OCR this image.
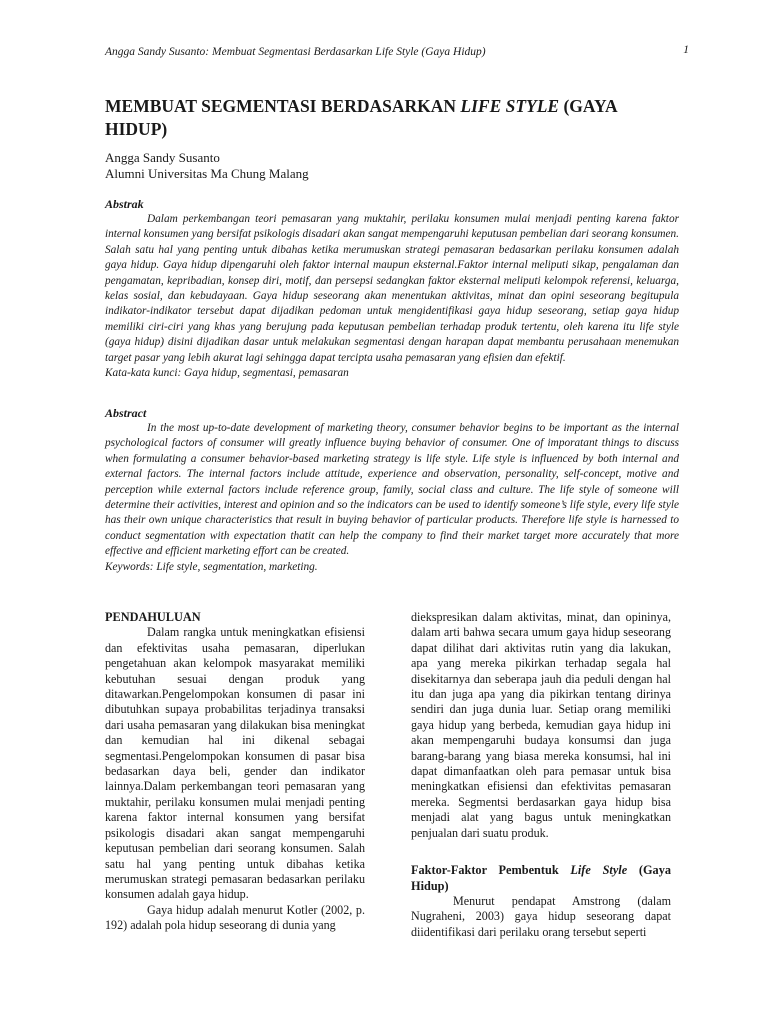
Angga Sandy Susanto: Membuat Segmentasi Berdasarkan Life Style (Gaya Hidup)	1
MEMBUAT SEGMENTASI BERDASARKAN LIFE STYLE (GAYA HIDUP)
Angga Sandy Susanto
Alumni Universitas Ma Chung Malang
Abstrak

Dalam perkembangan teori pemasaran yang muktahir, perilaku konsumen mulai menjadi penting karena faktor internal konsumen yang bersifat psikologis disadari akan sangat mempengaruhi keputusan pembelian dari seorang konsumen. Salah satu hal yang penting untuk dibahas ketika merumuskan strategi pemasaran bedasarkan perilaku konsumen adalah gaya hidup. Gaya hidup dipengaruhi oleh faktor internal maupun eksternal.Faktor internal meliputi sikap, pengalaman dan pengamatan, kepribadian, konsep diri, motif, dan persepsi sedangkan faktor eksternal meliputi kelompok referensi, keluarga, kelas sosial, dan kebudayaan. Gaya hidup seseorang akan menentukan aktivitas, minat dan opini seseorang begitupula indikator-indikator tersebut dapat dijadikan pedoman untuk mengidentifikasi gaya hidup seseorang, setiap gaya hidup memiliki ciri-ciri yang khas yang berujung pada keputusan pembelian terhadap produk tertentu, oleh karena itu life style (gaya hidup) disini dijadikan dasar untuk melakukan segmentasi dengan harapan dapat membantu perusahaan menemukan target pasar yang lebih akurat lagi sehingga dapat tercipta usaha pemasaran yang efisien dan efektif.

Kata-kata kunci: Gaya hidup, segmentasi, pemasaran
Abstract

In the most up-to-date development of marketing theory, consumer behavior begins to be important as the internal psychological factors of consumer will greatly influence buying behavior of consumer. One of imporatant things to discuss when formulating a consumer behavior-based marketing strategy is life style. Life style is influenced by both internal and external factors. The internal factors include attitude, experience and observation, personality, self-concept, motive and perception while external factors include reference group, family, social class and culture. The life style of someone will determine their activities, interest and opinion and so the indicators can be used to identify someone’s life style, every life style has their own unique characteristics that result in buying behavior of particular products. Therefore life style is harnessed to conduct segmentation with expectation thatit can help the company to find their market target more accurately that more effective and efficient marketing effort can be created.

Keywords: Life style, segmentation, marketing.

PENDAHULUAN

Dalam rangka untuk meningkatkan efisiensi dan efektivitas usaha pemasaran, diperlukan pengetahuan akan kelompok masyarakat memiliki kebutuhan sesuai dengan produk yang ditawarkan.Pengelompokan konsumen di pasar ini dibutuhkan supaya probabilitas terjadinya transaksi dari usaha pemasaran yang dilakukan bisa meningkat dan kemudian hal ini dikenal sebagai segmentasi.Pengelompokan konsumen di pasar bisa bedasarkan daya beli, gender dan indikator lainnya.Dalam perkembangan teori pemasaran yang muktahir, perilaku konsumen mulai menjadi penting karena faktor internal konsumen yang bersifat psikologis disadari akan sangat mempengaruhi keputusan pembelian dari seorang konsumen. Salah satu hal yang penting untuk dibahas ketika merumuskan strategi pemasaran bedasarkan perilaku konsumen adalah gaya hidup.

Gaya hidup adalah menurut Kotler (2002, p. 192) adalah pola hidup seseorang di dunia yang

diekspresikan dalam aktivitas, minat, dan opininya, dalam arti bahwa secara umum gaya hidup seseorang dapat dilihat dari aktivitas rutin yang dia lakukan, apa yang mereka pikirkan terhadap segala hal disekitarnya dan seberapa jauh dia peduli dengan hal itu dan juga apa yang dia pikirkan tentang dirinya sendiri dan juga dunia luar. Setiap orang memiliki gaya hidup yang berbeda, kemudian gaya hidup ini akan mempengaruhi budaya konsumsi dan juga barang-barang yang biasa mereka konsumsi, hal ini dapat dimanfaatkan oleh para pemasar untuk bisa meningkatkan efisiensi dan efektivitas pemasaran mereka. Segmentsi berdasarkan gaya hidup bisa menjadi alat yang bagus untuk meningkatkan penjualan dari suatu produk.

Faktor-Faktor Pembentuk Life Style (Gaya Hidup)

Menurut pendapat Amstrong (dalam Nugraheni, 2003) gaya hidup seseorang dapat diidentifikasi dari perilaku orang tersebut seperti
